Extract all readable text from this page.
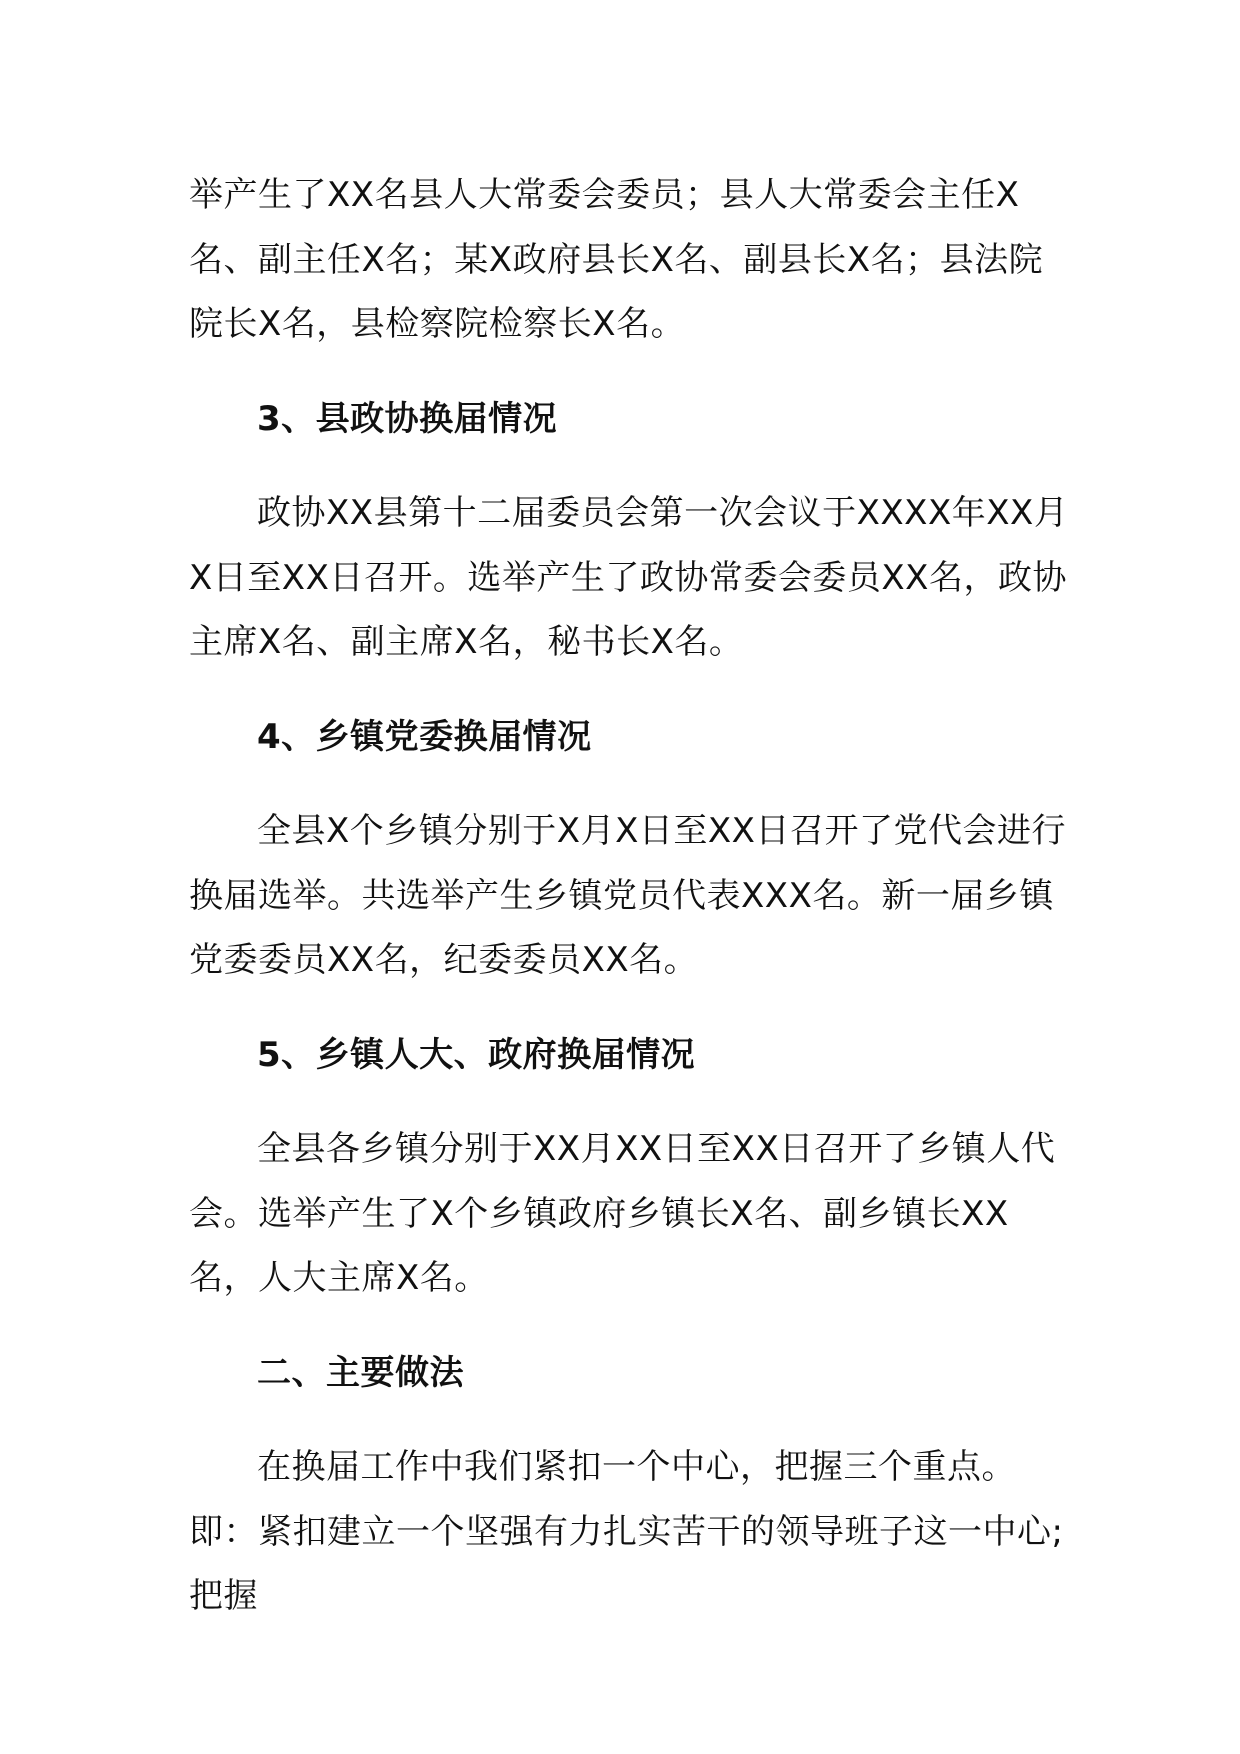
举产生了XX名县人大常委会委员；县人大常委会主任X名、副主任X名；某X政府县长X名、副县长X名；县法院院长X名，县检察院检察长X名。

3、县政协换届情况

政协XX县第十二届委员会第一次会议于XXXX年XX月X日至XX日召开。选举产生了政协常委会委员XX名，政协主席X名、副主席X名，秘书长X名。

4、乡镇党委换届情况

全县X个乡镇分别于X月X日至XX日召开了党代会进行换届选举。共选举产生乡镇党员代表XXX名。新一届乡镇党委委员XX名，纪委委员XX名。

5、乡镇人大、政府换届情况

全县各乡镇分别于XX月XX日至XX日召开了乡镇人代会。选举产生了X个乡镇政府乡镇长X名、副乡镇长XX名，人大主席X名。

二、主要做法

在换届工作中我们紧扣一个中心，把握三个重点。即：紧扣建立一个坚强有力扎实苦干的领导班子这一中心;把握
